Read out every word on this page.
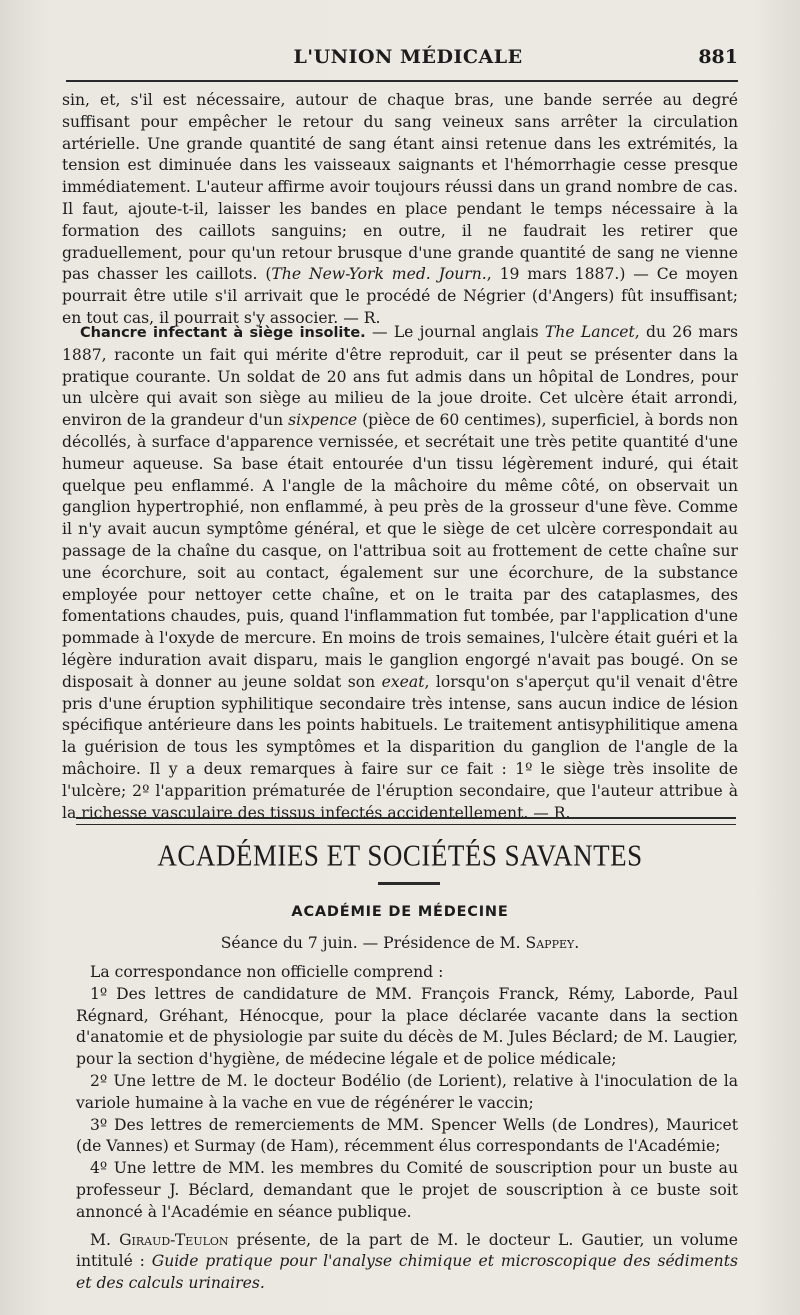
L'UNION MÉDICALE	881

sin, et, s'il est nécessaire, autour de chaque bras, une bande serrée au degré suffisant pour empêcher le retour du sang veineux sans arrêter la circulation artérielle. Une grande quantité de sang étant ainsi retenue dans les extrémités, la tension est diminuée dans les vaisseaux saignants et l'hémorrhagie cesse presque immédiatement. L'auteur affirme avoir toujours réussi dans un grand nombre de cas. Il faut, ajoute-t-il, laisser les bandes en place pendant le temps nécessaire à la formation des caillots sanguins; en outre, il ne faudrait les retirer que graduellement, pour qu'un retour brusque d'une grande quantité de sang ne vienne pas chasser les caillots. (The New-York med. Journ., 19 mars 1887.) — Ce moyen pourrait être utile s'il arrivait que le procédé de Négrier (d'Angers) fût insuffisant; en tout cas, il pourrait s'y associer. — R.

Chancre infectant à siège insolite. — Le journal anglais The Lancet, du 26 mars 1887, raconte un fait qui mérite d'être reproduit, car il peut se présenter dans la pratique courante. Un soldat de 20 ans fut admis dans un hôpital de Londres, pour un ulcère qui avait son siège au milieu de la joue droite. Cet ulcère était arrondi, environ de la grandeur d'un sixpence (pièce de 60 centimes), superficiel, à bords non décollés, à surface d'apparence vernissée, et secrétait une très petite quantité d'une humeur aqueuse. Sa base était entourée d'un tissu légèrement induré, qui était quelque peu enflammé. A l'angle de la mâchoire du même côté, on observait un ganglion hypertrophié, non enflammé, à peu près de la grosseur d'une fève. Comme il n'y avait aucun symptôme général, et que le siège de cet ulcère correspondait au passage de la chaîne du casque, on l'attribua soit au frottement de cette chaîne sur une écorchure, soit au contact, également sur une écorchure, de la substance employée pour nettoyer cette chaîne, et on le traita par des cataplasmes, des fomentations chaudes, puis, quand l'inflammation fut tombée, par l'application d'une pommade à l'oxyde de mercure. En moins de trois semaines, l'ulcère était guéri et la légère induration avait disparu, mais le ganglion engorgé n'avait pas bougé. On se disposait à donner au jeune soldat son exeat, lorsqu'on s'aperçut qu'il venait d'être pris d'une éruption syphilitique secondaire très intense, sans aucun indice de lésion spécifique antérieure dans les points habituels. Le traitement antisyphilitique amena la guérision de tous les symptômes et la disparition du ganglion de l'angle de la mâchoire. Il y a deux remarques à faire sur ce fait : 1º le siège très insolite de l'ulcère; 2º l'apparition prématurée de l'éruption secondaire, que l'auteur attribue à la richesse vasculaire des tissus infectés accidentellement. — R.

ACADÉMIES ET SOCIÉTÉS SAVANTES
ACADÉMIE DE MÉDECINE
Séance du 7 juin. — Présidence de M. Sappey.

La correspondance non officielle comprend :

1º Des lettres de candidature de MM. François Franck, Rémy, Laborde, Paul Régnard, Gréhant, Hénocque, pour la place déclarée vacante dans la section d'anatomie et de physiologie par suite du décès de M. Jules Béclard; de M. Laugier, pour la section d'hygiène, de médecine légale et de police médicale;

2º Une lettre de M. le docteur Bodélio (de Lorient), relative à l'inoculation de la variole humaine à la vache en vue de régénérer le vaccin;

3º Des lettres de remerciements de MM. Spencer Wells (de Londres), Mauricet (de Vannes) et Surmay (de Ham), récemment élus correspondants de l'Académie;

4º Une lettre de MM. les membres du Comité de souscription pour un buste au professeur J. Béclard, demandant que le projet de souscription à ce buste soit annoncé à l'Académie en séance publique.

M. Giraud-Teulon présente, de la part de M. le docteur L. Gautier, un volume intitulé : Guide pratique pour l'analyse chimique et microscopique des sédiments et des calculs urinaires.
